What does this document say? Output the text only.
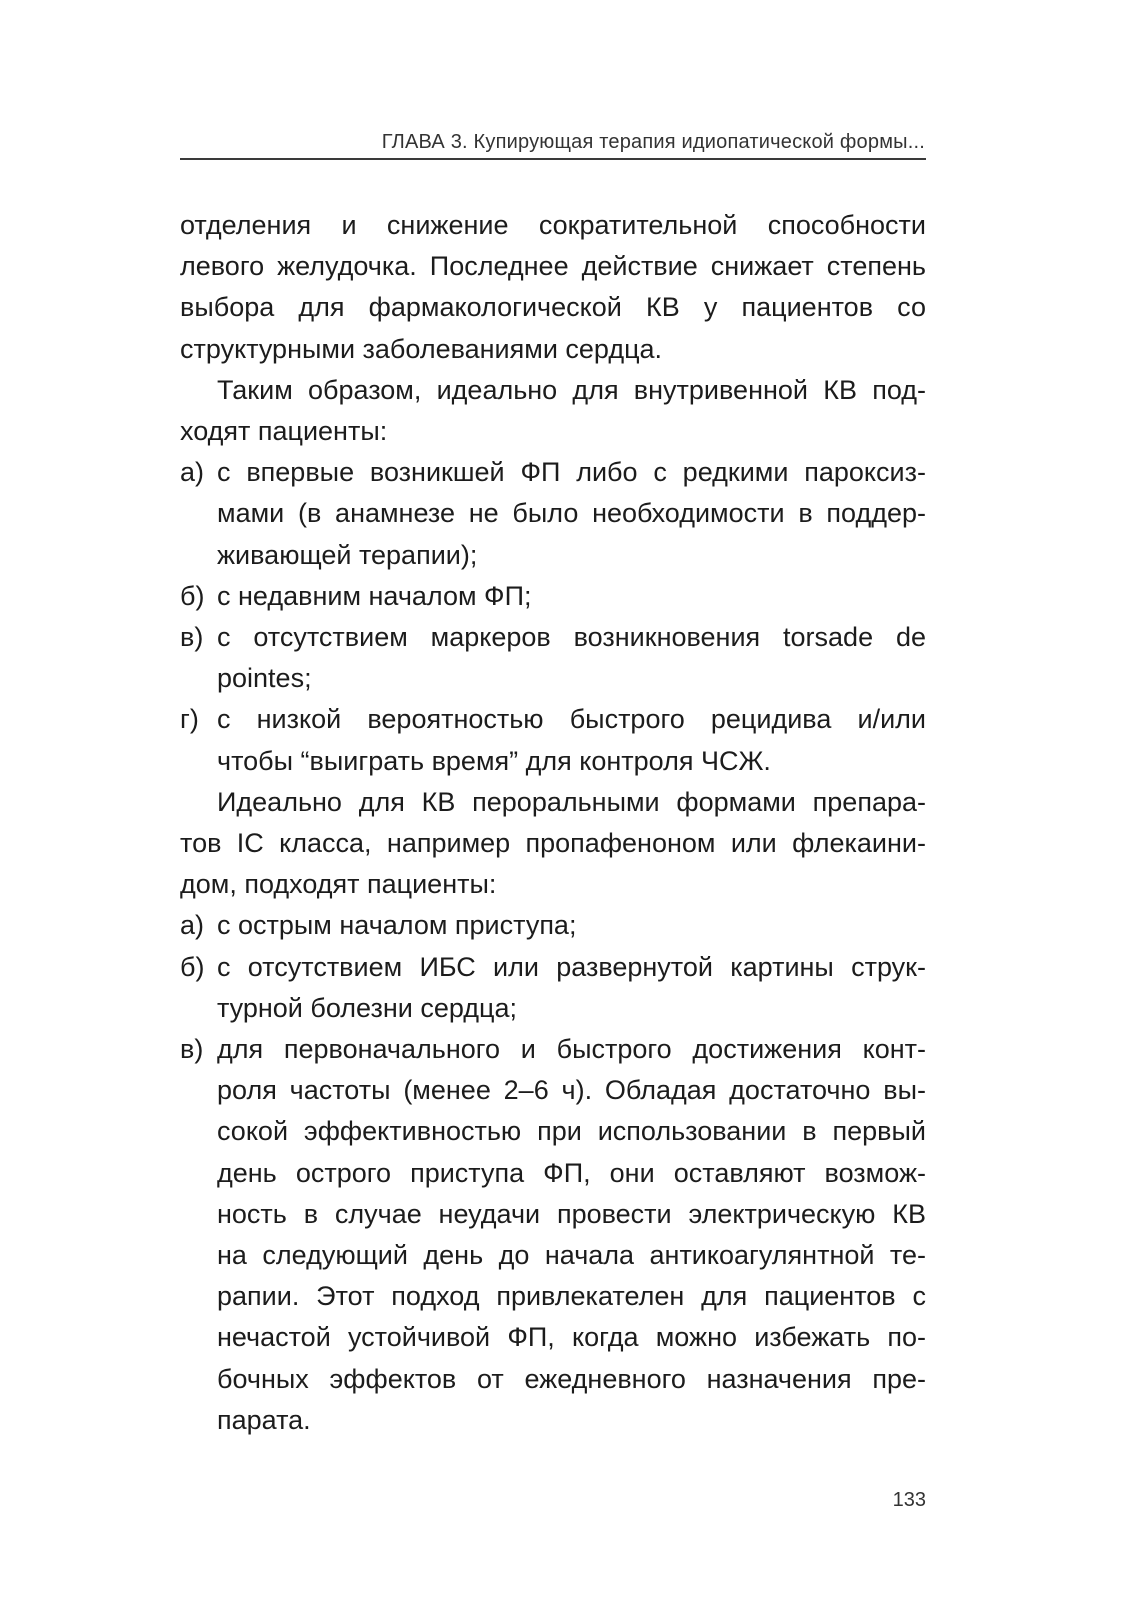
ГЛАВА 3. Купирующая терапия идиопатической формы...
отделения и снижение сократительной способности
левого желудочка. Последнее действие снижает степень
выбора для фармакологической КВ у пациентов со
структурными заболеваниями сердца.
Таким образом, идеально для внутривенной КВ под-
ходят пациенты:
а) с впервые возникшей ФП либо с редкими пароксиз-
мами (в анамнезе не было необходимости в поддер-
живающей терапии);
б) с недавним началом ФП;
в) с отсутствием маркеров возникновения torsade de
pointes;
г) с низкой вероятностью быстрого рецидива и/или
чтобы “выиграть время” для контроля ЧСЖ.
Идеально для КВ пероральными формами препара-
тов IC класса, например пропафеноном или флекаини-
дом, подходят пациенты:
а) с острым началом приступа;
б) с отсутствием ИБС или развернутой картины струк-
турной болезни сердца;
в) для первоначального и быстрого достижения конт-
роля частоты (менее 2–6 ч). Обладая достаточно вы-
сокой эффективностью при использовании в первый
день острого приступа ФП, они оставляют возмож-
ность в случае неудачи провести электрическую КВ
на следующий день до начала антикоагулянтной те-
рапии. Этот подход привлекателен для пациентов с
нечастой устойчивой ФП, когда можно избежать по-
бочных эффектов от ежедневного назначения пре-
парата.
133
